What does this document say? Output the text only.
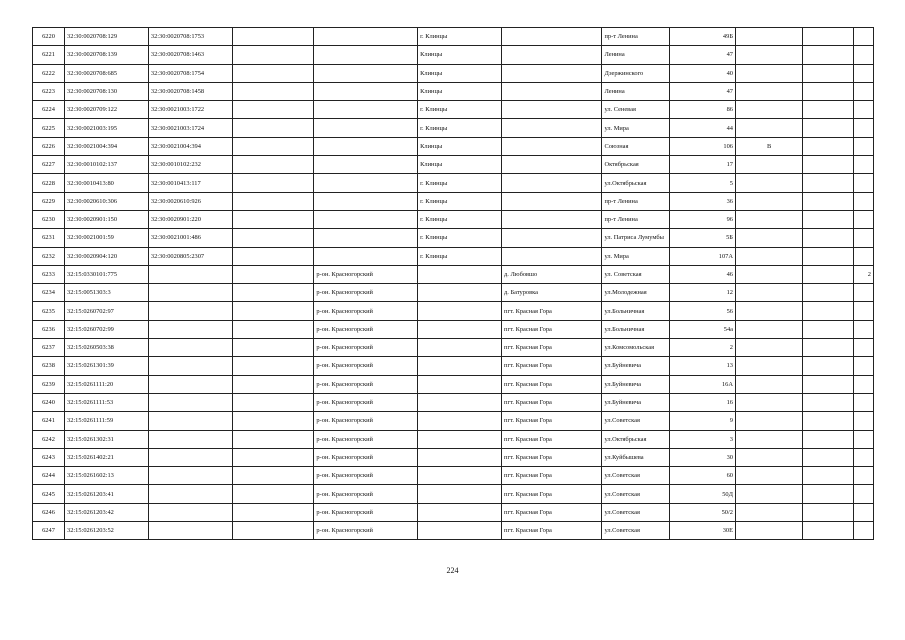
6220	32:30:0020708:129	32:30:0020708:1753			г. Клинцы		пр-т Ленина	49Б			
6221	32:30:0020708:139	32:30:0020708:1463			Клинцы		Ленина	47			
6222	32:30:0020708:685	32:30:0020708:1754			Клинцы		Дзержинского	40			
6223	32:30:0020708:130	32:30:0020708:1458			Клинцы		Ленина	47			
6224	32:30:0020709:122	32:30:0021003:1722			г. Клинцы		ул. Сеневая	86			
6225	32:30:0021003:195	32:30:0021003:1724			г. Клинцы		ул. Мира	44			
6226	32:30:0021004:394	32:30:0021004:394			Клинцы		Союзная	106	В		
6227	32:30:0010102:137	32:30:0010102:232			Клинцы		Октябрьская	17			
6228	32:30:0010413:80	32:30:0010413:117			г. Клинцы		ул.Октябрьская	5			
6229	32:30:0020610:306	32:30:0020610:926			г. Клинцы		пр-т Ленина	36			
6230	32:30:0020901:150	32:30:0020901:220			г. Клинцы		пр-т Ленина	96			
6231	32:30:0021001:59	32:30:0021001:486			г. Клинцы		ул. Патриса Лумумбы	5Б			
6232	32:30:0020904:120	32:30:0020805:2307			г. Клинцы		ул. Мира	107А			
6233	32:15:0330101:775			р-он. Красногорский		д. Любовшо	ул. Советская	46			2
6234	32:15:0051303:3			р-он. Красногорский		д. Батуровка	ул.Молодежная	12			
6235	32:15:0260702:97			р-он. Красногорский		пгт. Красная Гора	ул.Больничная	56			
6236	32:15:0260702:99			р-он. Красногорский		пгт. Красная Гора	ул.Больничная	54а			
6237	32:15:0260503:38			р-он. Красногорский		пгт. Красная Гора	ул.Комсомольская	2			
6238	32:15:0261301:39			р-он. Красногорский		пгт. Красная Гора	ул.Буйневича	13			
6239	32:15:0261111:20			р-он. Красногорский		пгт. Красная Гора	ул.Буйневича	16А			
6240	32:15:0261111:53			р-он. Красногорский		пгт. Красная Гора	ул.Буйневича	16			
6241	32:15:0261111:59			р-он. Красногорский		пгт. Красная Гора	ул.Советская	9			
6242	32:15:0261302:31			р-он. Красногорский		пгт. Красная Гора	ул.Октябрьская	3			
6243	32:15:0261402:21			р-он. Красногорский		пгт. Красная Гора	ул.Куйбышева	30			
6244	32:15:0261602:13			р-он. Красногорский		пгт. Красная Гора	ул.Советская	60			
6245	32:15:0261203:41			р-он. Красногорский		пгт. Красная Гора	ул.Советская	50Д			
6246	32:15:0261203:42			р-он. Красногорский		пгт. Красная Гора	ул.Советская	50/2			
6247	32:15:0261203:52			р-он. Красногорский		пгт. Красная Гора	ул.Советская	30Е			
224
